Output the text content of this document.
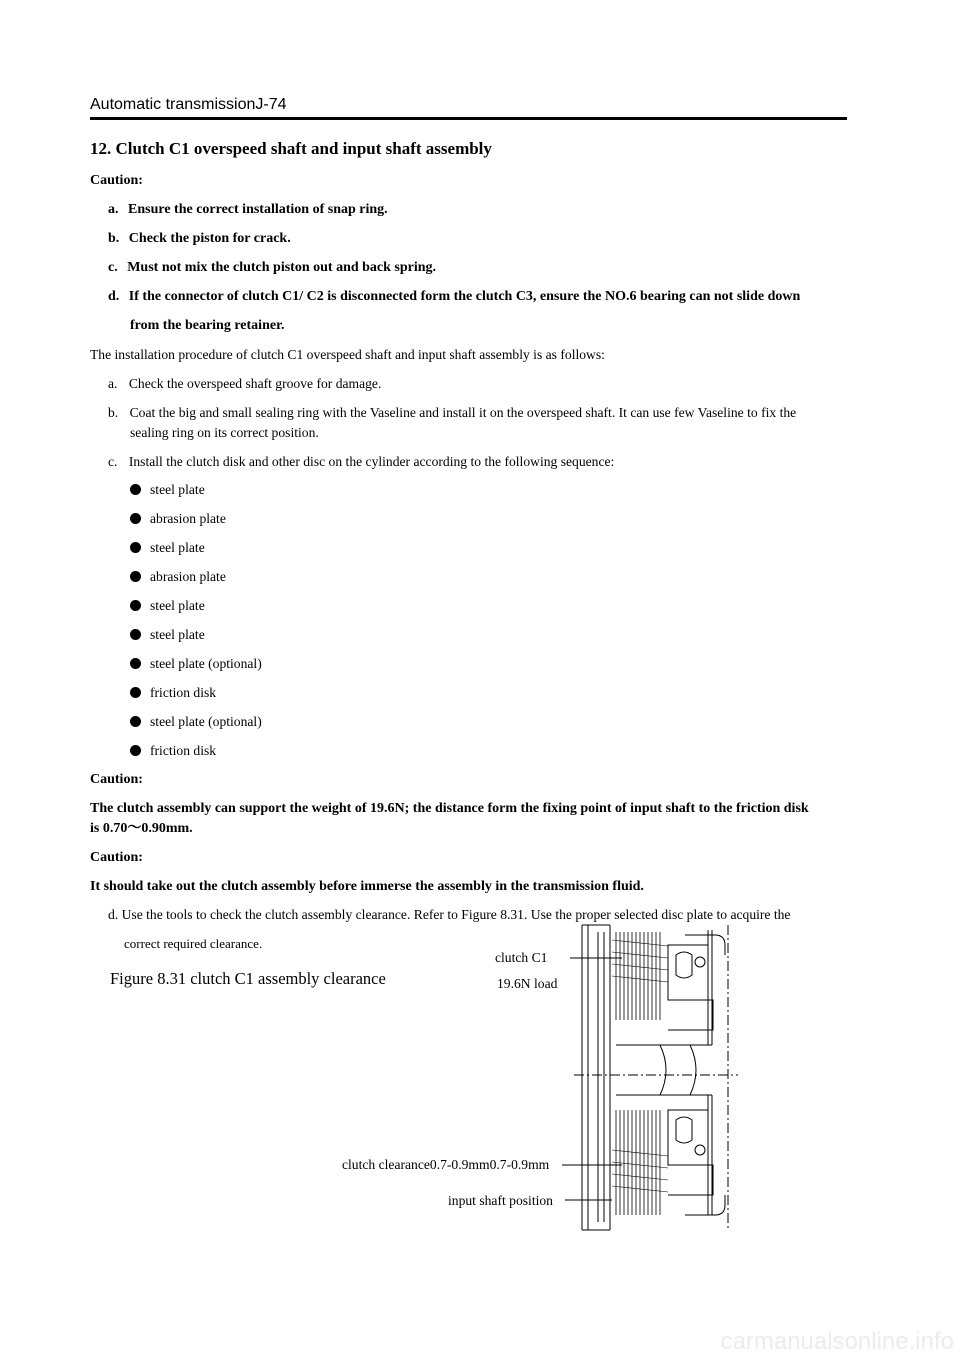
Automatic transmissionJ-74
12. Clutch C1 overspeed shaft and input shaft assembly
Caution:
a. Ensure the correct installation of snap ring.
b. Check the piston for crack.
c. Must not mix the clutch piston out and back spring.
d. If the connector of clutch C1/ C2 is disconnected form the clutch C3, ensure the NO.6 bearing can not slide down
from the bearing retainer.
The installation procedure of clutch C1 overspeed shaft and input shaft assembly is as follows:
a. Check the overspeed shaft groove for damage.
b. Coat the big and small sealing ring with the Vaseline and install it on the overspeed shaft. It can use few Vaseline to fix the
sealing ring on its correct position.
c. Install the clutch disk and other disc on the cylinder according to the following sequence:
steel plate
abrasion plate
steel plate
abrasion plate
steel plate
steel plate
steel plate (optional)
friction disk
steel plate (optional)
friction disk
Caution:
The clutch assembly can support the weight of 19.6N; the distance form the fixing point of input shaft to the friction disk
is 0.70～0.90mm.
Caution:
It should take out the clutch assembly before immerse the assembly in the transmission fluid.
d. Use the tools to check the clutch assembly clearance. Refer to Figure 8.31. Use the proper selected disc plate to acquire the
correct required clearance.
Figure 8.31 clutch C1 assembly clearance
clutch C1
19.6N load
clutch clearance0.7-0.9mm0.7-0.9mm
input shaft position
carmanualsonline.info
